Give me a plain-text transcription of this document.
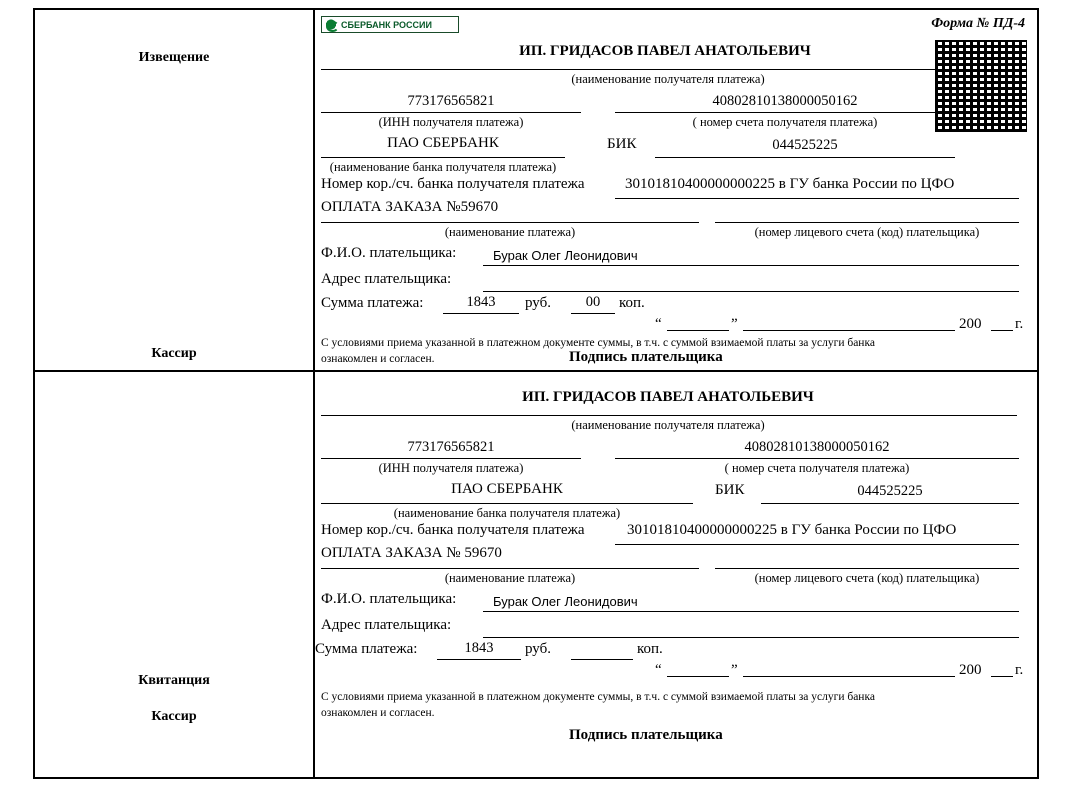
Извещение
Кассир
СБЕРБАНК РОССИИ	Форма № ПД-4
ИП. ГРИДАСОВ ПАВЕЛ АНАТОЛЬЕВИЧ
(наименование получателя платежа)
773176565821
(ИНН получателя платежа)
40802810138000050162
( номер счета получателя платежа)
ПАО СБЕРБАНК
(наименование банка получателя платежа)
БИК	044525225
Номер кор./сч. банка получателя платежа	30101810400000000225 в ГУ банка России по ЦФО
ОПЛАТА ЗАКАЗА №59670
(наименование платежа)	(номер лицевого счета (код) плательщика)
Ф.И.О. плательщика:	Бурак Олег Леонидович
Адрес плательщика:
Сумма платежа:	1843	руб.	00	коп.
“	”	200 г.
С условиями приема указанной в платежном документе суммы, в т.ч. с суммой взимаемой платы за услуги банка
ознакомлен и согласен.	Подпись плательщика
Квитанция
Кассир
ИП. ГРИДАСОВ ПАВЕЛ АНАТОЛЬЕВИЧ
(наименование получателя платежа)
773176565821
(ИНН получателя платежа)
40802810138000050162
( номер счета получателя платежа)
ПАО СБЕРБАНК
(наименование банка получателя платежа)
БИК	044525225
Номер кор./сч. банка получателя платежа	30101810400000000225 в ГУ банка России по ЦФО
ОПЛАТА ЗАКАЗА № 59670
(наименование платежа)	(номер лицевого счета (код) плательщика)
Ф.И.О. плательщика:	Бурак Олег Леонидович
Адрес плательщика:
Сумма платежа:	1843	руб.	коп.
“	”	200 г.
С условиями приема указанной в платежном документе суммы, в т.ч. с суммой взимаемой платы за услуги банка
ознакомлен и согласен.
Подпись плательщика
